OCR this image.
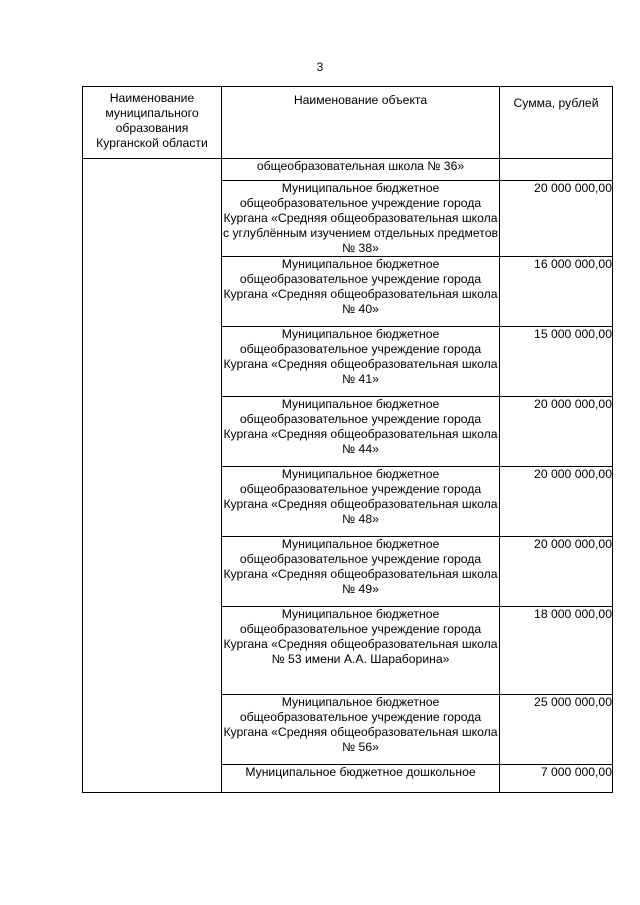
3
Наименование муниципального образования Курганской области	Наименование объекта	Сумма, рублей

	общеобразовательная школа № 36»	
	Муниципальное бюджетное общеобразовательное учреждение города Кургана «Средняя общеобразовательная школа с углублённым изучением отдельных предметов № 38»	20 000 000,00
	Муниципальное бюджетное общеобразовательное учреждение города Кургана «Средняя общеобразовательная школа № 40»	16 000 000,00
	Муниципальное бюджетное общеобразовательное учреждение города Кургана «Средняя общеобразовательная школа № 41»	15 000 000,00
	Муниципальное бюджетное общеобразовательное учреждение города Кургана «Средняя общеобразовательная школа № 44»	20 000 000,00
	Муниципальное бюджетное общеобразовательное учреждение города Кургана «Средняя общеобразовательная школа № 48»	20 000 000,00
	Муниципальное бюджетное общеобразовательное учреждение города Кургана «Средняя общеобразовательная школа № 49»	20 000 000,00
	Муниципальное бюджетное общеобразовательное учреждение города Кургана «Средняя общеобразовательная школа № 53 имени А.А. Шараборина»	18 000 000,00
	Муниципальное бюджетное общеобразовательное учреждение города Кургана «Средняя общеобразовательная школа № 56»	25 000 000,00
	Муниципальное бюджетное дошкольное	7 000 000,00
